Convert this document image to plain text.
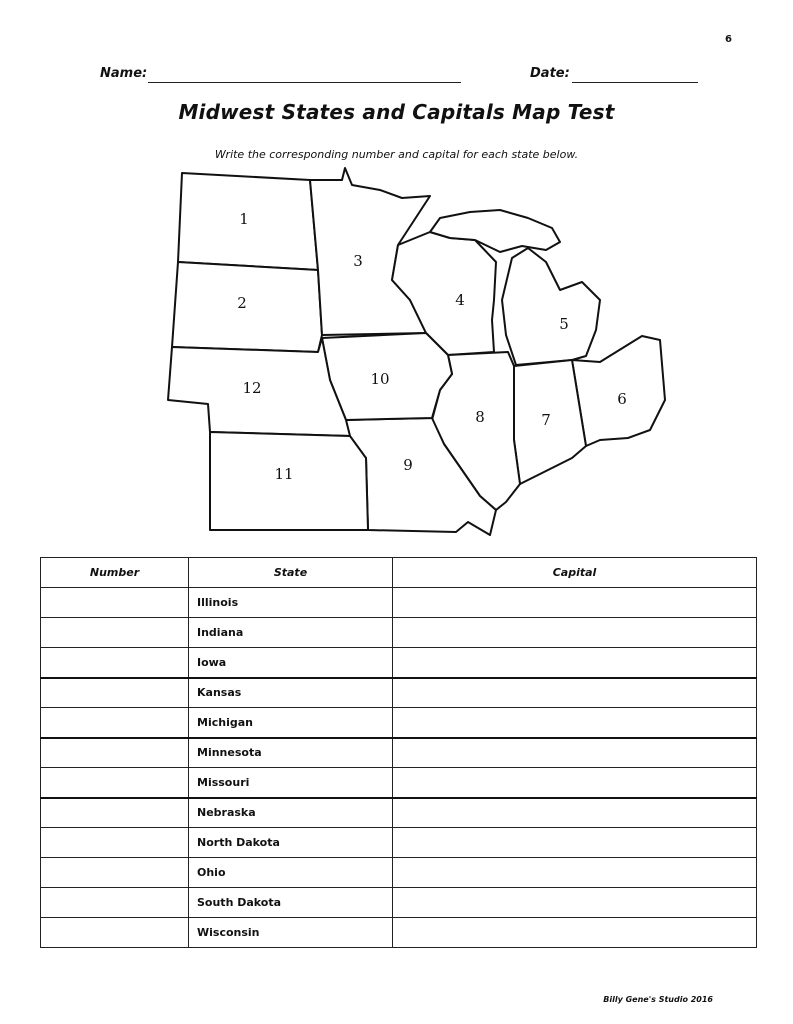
6
Name:	Date:
Midwest States and Capitals Map Test
Write the corresponding number and capital for each state below.
1
2
3
4
5
6
7
8
9
10
11
12
Number	State	Capital
	Illinois	
	Indiana	
	Iowa	
	Kansas	
	Michigan	
	Minnesota	
	Missouri	
	Nebraska	
	North Dakota	
	Ohio	
	South Dakota	
	Wisconsin	
Billy Gene's Studio 2016
